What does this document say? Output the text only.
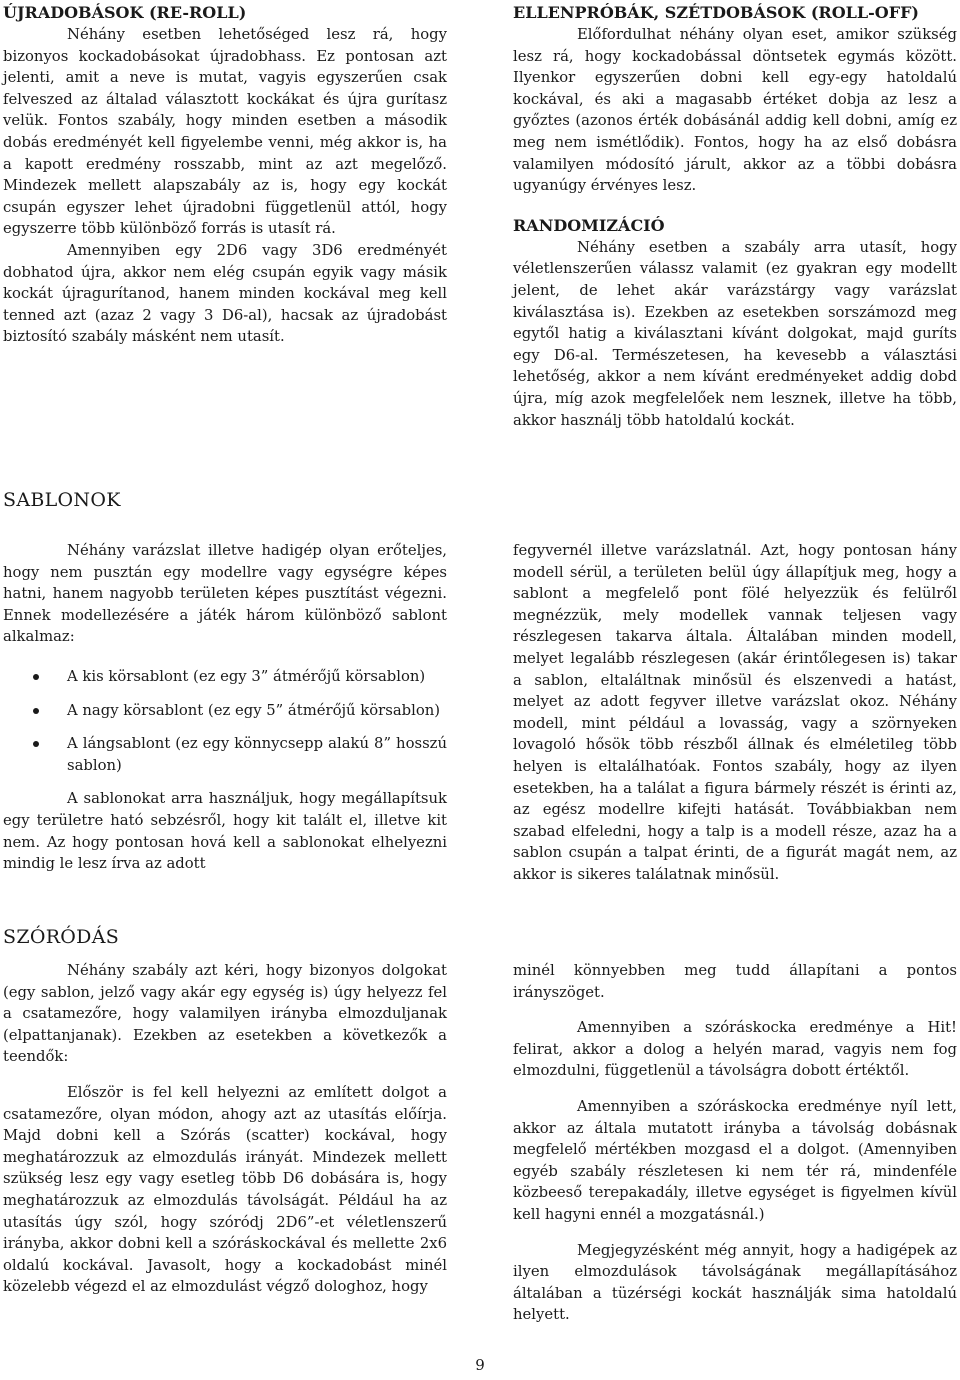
ÚJRADOBÁSOK (RE-ROLL)

Néhány esetben lehetőséged lesz rá, hogy bizonyos kockadobásokat újradobhass. Ez pontosan azt jelenti, amit a neve is mutat, vagyis egyszerűen csak felveszed az általad választott kockákat és újra gurítasz velük. Fontos szabály, hogy minden esetben a második dobás eredményét kell figyelembe venni, még akkor is, ha a kapott eredmény rosszabb, mint az azt megelőző. Mindezek mellett alapszabály az is, hogy egy kockát csupán egyszer lehet újradobni függetlenül attól, hogy egyszerre több különböző forrás is utasít rá.

Amennyiben egy 2D6 vagy 3D6 eredményét dobhatod újra, akkor nem elég csupán egyik vagy másik kockát újragurítanod, hanem minden kockával meg kell tenned azt (azaz 2 vagy 3 D6-al), hacsak az újradobást biztosító szabály másként nem utasít.

ELLENPRÓBÁK, SZÉTDOBÁSOK (ROLL-OFF)

Előfordulhat néhány olyan eset, amikor szükség lesz rá, hogy kockadobással döntsetek egymás között. Ilyenkor egyszerűen dobni kell egy-egy hatoldalú kockával, és aki a magasabb értéket dobja az lesz a győztes (azonos érték dobásánál addig kell dobni, amíg ez meg nem ismétlődik). Fontos, hogy ha az első dobásra valamilyen módosító járult, akkor az a többi dobásra ugyanúgy érvényes lesz.

RANDOMIZÁCIÓ

Néhány esetben a szabály arra utasít, hogy véletlenszerűen válassz valamit (ez gyakran egy modellt jelent, de lehet akár varázstárgy vagy varázslat kiválasztása is). Ezekben az esetekben sorszámozd meg egytől hatig a kiválasztani kívánt dolgokat, majd guríts egy D6-al. Természetesen, ha kevesebb a választási lehetőség, akkor a nem kívánt eredményeket addig dobd újra, míg azok megfelelőek nem lesznek, illetve ha több, akkor használj több hatoldalú kockát.

SABLONOK

Néhány varázslat illetve hadigép olyan erőteljes, hogy nem pusztán egy modellre vagy egységre képes hatni, hanem nagyobb területen képes pusztítást végezni. Ennek modellezésére a játék három különböző sablont alkalmaz:

A kis körsablont (ez egy 3” átmérőjű körsablon)
A nagy körsablont (ez egy 5” átmérőjű körsablon)
A lángsablont (ez egy könnycsepp alakú 8” hosszú sablon)

A sablonokat arra használjuk, hogy megállapítsuk egy területre ható sebzésről, hogy kit talált el, illetve kit nem. Az hogy pontosan hová kell a sablonokat elhelyezni mindig le lesz írva az adott

fegyvernél illetve varázslatnál. Azt, hogy pontosan hány modell sérül, a területen belül úgy állapítjuk meg, hogy a sablont a megfelelő pont fölé helyezzük és felülről megnézzük, mely modellek vannak teljesen vagy részlegesen takarva általa. Általában minden modell, melyet legalább részlegesen (akár érintőlegesen is) takar a sablon, eltaláltnak minősül és elszenvedi a hatást, melyet az adott fegyver illetve varázslat okoz. Néhány modell, mint például a lovasság, vagy a szörnyeken lovagoló hősök több részből állnak és elméletileg több helyen is eltalálhatóak. Fontos szabály, hogy az ilyen esetekben, ha a találat a figura bármely részét is érinti az, az egész modellre kifejti hatását. Továbbiakban nem szabad elfeledni, hogy a talp is a modell része, azaz ha a sablon csupán a talpat érinti, de a figurát magát nem, az akkor is sikeres találatnak minősül.

SZÓRÓDÁS

Néhány szabály azt kéri, hogy bizonyos dolgokat (egy sablon, jelző vagy akár egy egység is) úgy helyezz fel a csatamezőre, hogy valamilyen irányba elmozduljanak (elpattanjanak). Ezekben az esetekben a következők a teendők:

Először is fel kell helyezni az említett dolgot a csatamezőre, olyan módon, ahogy azt az utasítás előírja. Majd dobni kell a Szórás (scatter) kockával, hogy meghatározzuk az elmozdulás irányát. Mindezek mellett szükség lesz egy vagy esetleg több D6 dobására is, hogy meghatározzuk az elmozdulás távolságát. Például ha az utasítás úgy szól, hogy szóródj 2D6”-et véletlenszerű irányba, akkor dobni kell a szóráskockával és mellette 2x6 oldalú kockával. Javasolt, hogy a kockadobást minél közelebb végezd el az elmozdulást végző dologhoz, hogy

minél könnyebben meg tudd állapítani a pontos irányszöget.

Amennyiben a szóráskocka eredménye a Hit! felirat, akkor a dolog a helyén marad, vagyis nem fog elmozdulni, függetlenül a távolságra dobott értéktől.

Amennyiben a szóráskocka eredménye nyíl lett, akkor az általa mutatott irányba a távolság dobásnak megfelelő mértékben mozgasd el a dolgot. (Amennyiben egyéb szabály részletesen ki nem tér rá, mindenféle közbeeső terepakadály, illetve egységet is figyelmen kívül kell hagyni ennél a mozgatásnál.)

Megjegyzésként még annyit, hogy a hadigépek az ilyen elmozdulások távolságának megállapításához általában a tüzérségi kockát használják sima hatoldalú helyett.

9
